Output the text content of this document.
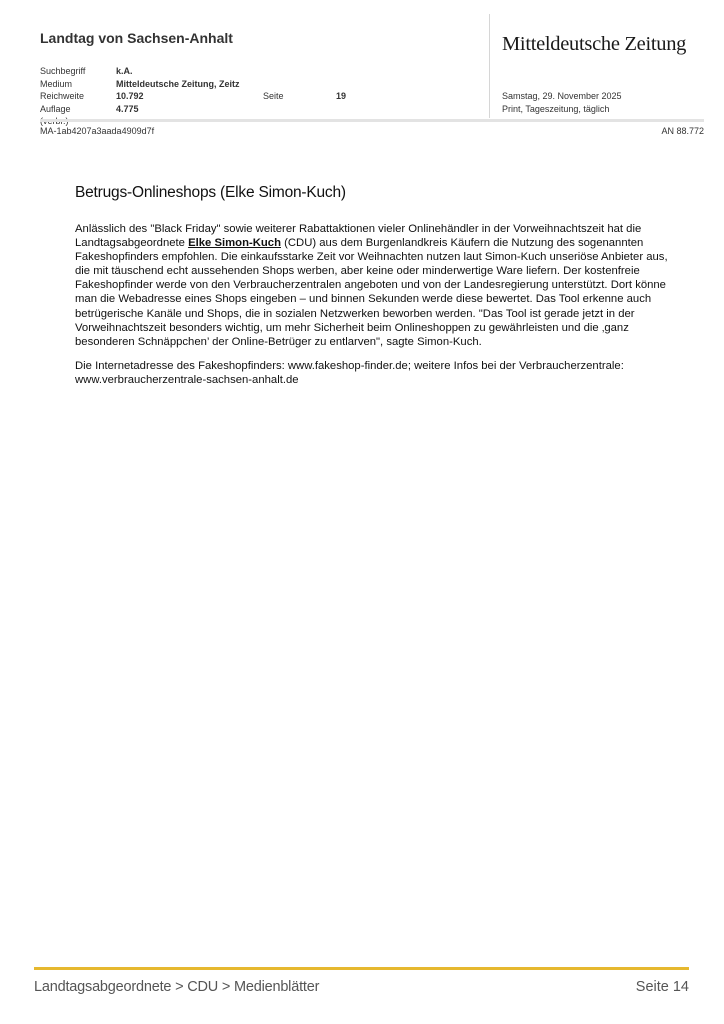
Landtag von Sachsen-Anhalt	Mitteldeutsche Zeitung
Suchbegriff	k.A.
Medium	Mitteldeutsche Zeitung, Zeitz
Reichweite	10.792	Seite	19
Auflage	4.775
Samstag, 29. November 2025
Print, Tageszeitung, täglich
MA-1ab4207a3aada4909d7f	AN 88.772
Betrugs-Onlineshops (Elke Simon-Kuch)

Anlässlich des "Black Friday" sowie weiterer Rabattaktionen vieler Onlinehändler in der Vorweihnachtszeit hat die Landtagsabgeordnete Elke Simon-Kuch (CDU) aus dem Burgenlandkreis Käufern die Nutzung des sogenannten Fakeshopfinders empfohlen. Die einkaufsstarke Zeit vor Weihnachten nutzen laut Simon-Kuch unseriöse Anbieter aus, die mit täuschend echt aussehenden Shops werben, aber keine oder minderwertige Ware liefern. Der kostenfreie Fakeshopfinder werde von den Verbraucherzentralen angeboten und von der Landesregierung unterstützt. Dort könne man die Webadresse eines Shops eingeben – und binnen Sekunden werde diese bewertet. Das Tool erkenne auch betrügerische Kanäle und Shops, die in sozialen Netzwerken beworben werden. "Das Tool ist gerade jetzt in der Vorweihnachtszeit besonders wichtig, um mehr Sicherheit beim Onlineshoppen zu gewährleisten und die ‚ganz besonderen Schnäppchen’ der Online-Betrüger zu entlarven", sagte Simon-Kuch.

Die Internetadresse des Fakeshopfinders: www.fakeshop-finder.de; weitere Infos bei der Verbraucherzentrale: www.verbraucherzentrale-sachsen-anhalt.de

Landtagsabgeordnete > CDU > Medienblätter	Seite 14
